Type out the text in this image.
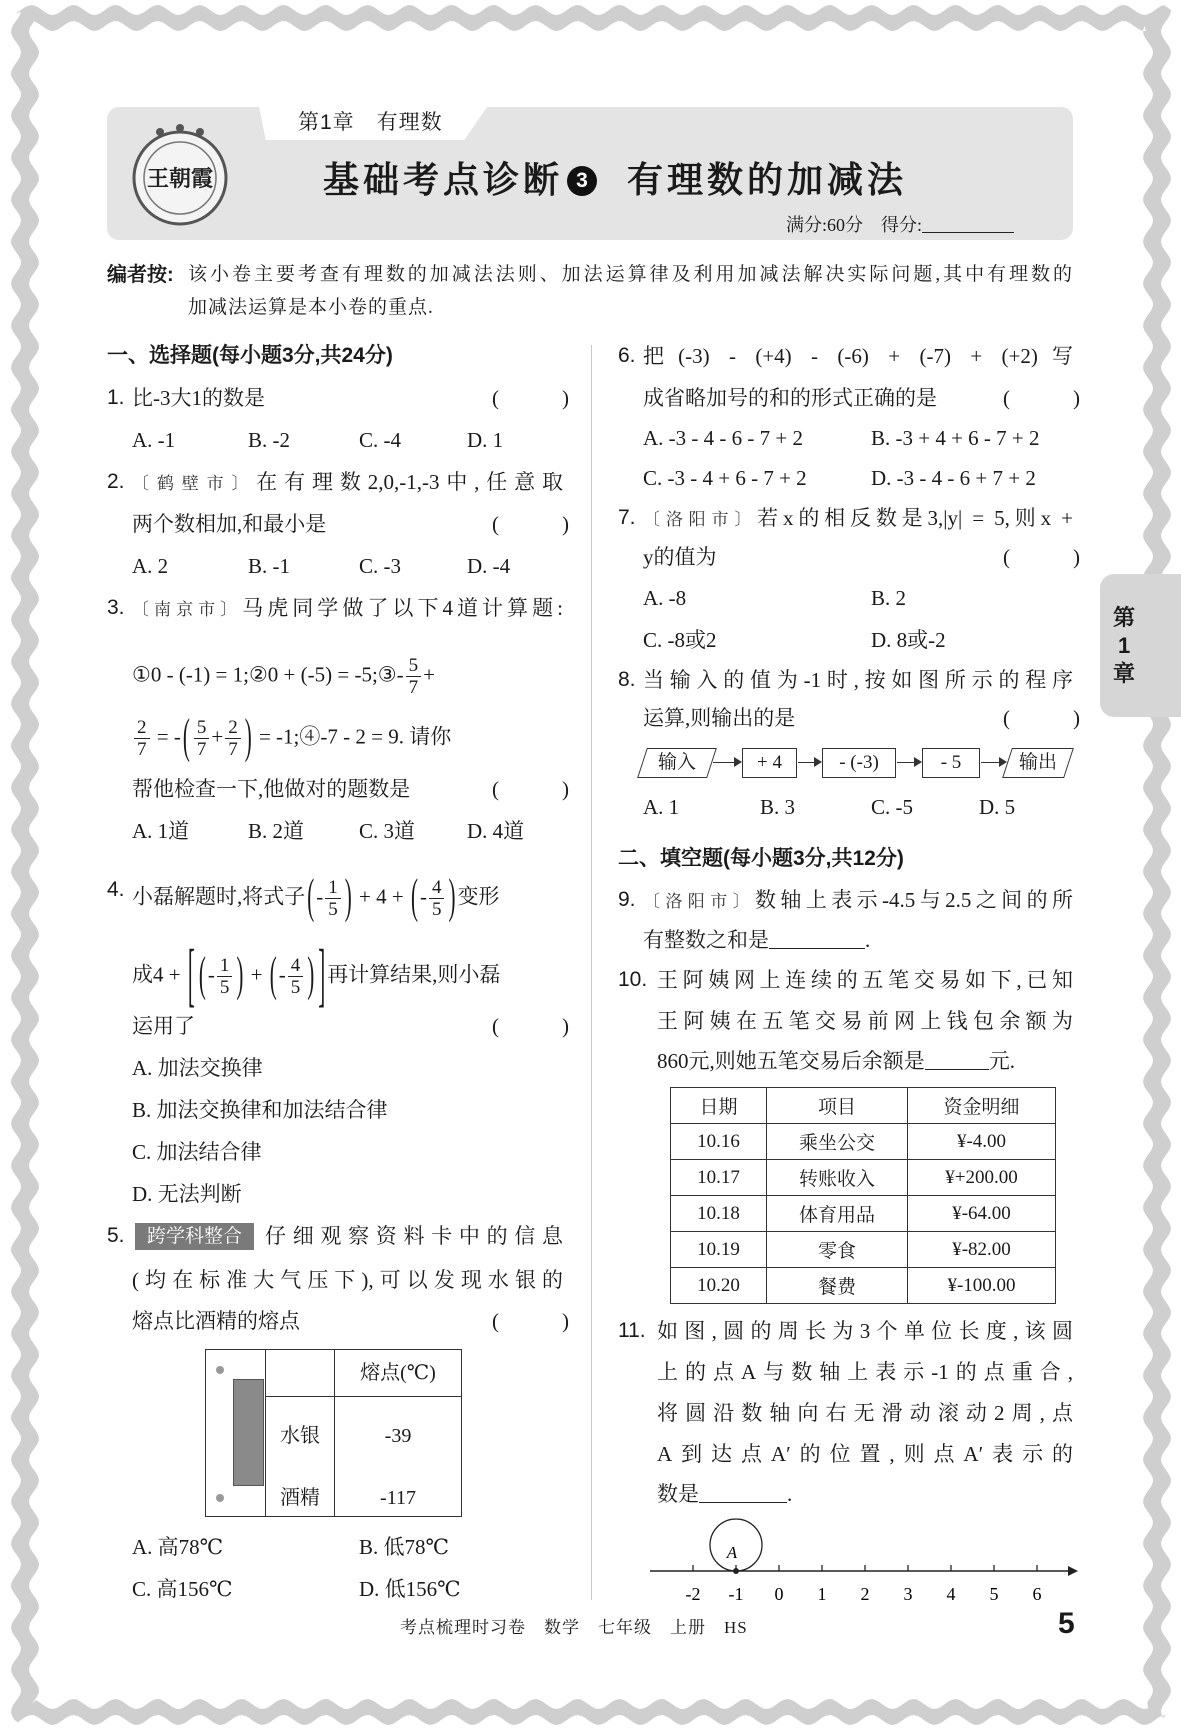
第1章　有理数
王朝霞	基础考点诊断 3 有理数的加减法
满分:60分　得分:
编者按: 该小卷主要考查有理数的加减法法则、加法运算律及利用加减法解决实际问题,其中有理数的
加减法运算是本小卷的重点.
一、选择题(每小题3分,共24分)
1. 比-3大1的数是	(　　　)
A. -1	B. -2	C. -4	D. 1
2. 〔鹤壁市〕在有理数2,0,-1,-3中,任意取
两个数相加,和最小是	(　　　)
A. 2	B. -1	C. -3	D. -4
3. 〔南京市〕马虎同学做了以下4道计算题:
①0 - (-1) = 1;②0 + (-5) = -5;③- $\frac{5}{7}$ +
$\frac{2}{7}$ = -( $\frac{5}{7} + \frac{2}{7}$ ) = -1;④-7 - 2 = 9. 请你
帮他检查一下,他做对的题数是	(　　　)
A. 1道	B. 2道	C. 3道 D. 4道
4. 小磊解题时,将式子(- $\frac{1}{5}$ ) + 4 + (- $\frac{4}{5}$ )变形
成4 + [ (- $\frac{1}{5}$ ) + (- $\frac{4}{5}$ ) ]再计算结果,则小磊
运用了	(　　　)
A. 加法交换律
B. 加法交换律和加法结合律
C. 加法结合律
D. 无法判断
5.	跨学科整合	仔细观察资料卡中的信息
(均在标准大气压下),可以发现水银的
熔点比酒精的熔点	(　　　)
熔点(℃)
水银	-39
酒精	-117
A. 高78℃	B. 低78℃
C. 高156℃	D. 低156℃
6. 把(-3) - (+4) - (-6) + (-7) + (+2)写
成省略加号的和的形式正确的是	(　　　)
A. -3 - 4 - 6 - 7 + 2	B. -3 + 4 + 6 - 7 + 2
C. -3 - 4 + 6 - 7 + 2	D. -3 - 4 - 6 + 7 + 2
7. 〔洛阳市〕若x的相反数是3,|y| = 5,则x +
y的值为	(　　　)
A. -8	B. 2
C. -8或2	D. 8或-2
8. 当输入的值为-1时,按如图所示的程序
运算,则输出的是	(　　　)
输入	+ 4	- (-3)	- 5	输出
A. 1	B. 3	C. -5	D. 5
二、填空题(每小题3分,共12分)
9. 〔洛阳市〕数轴上表示-4.5与2.5之间的所
有整数之和是	.
10. 王阿姨网上连续的五笔交易如下,已知
王阿姨在五笔交易前网上钱包余额为
860元,则她五笔交易后余额是	元.
日期	项目	资金明细
10.16	乘坐公交	¥-4.00
10.17	转账收入	¥+200.00
10.18	体育用品	¥-64.00
10.19	零食	¥-82.00
10.20	餐费	¥-100.00
11. 如图,圆的周长为3个单位长度,该圆
上的点A与数轴上表示-1的点重合,
将圆沿数轴向右无滑动滚动2周,点
A到达点A′的位置,则点A′表示的
数是	.
A
-2 -1 0 1 2 3 4 5 6
第
1
章
考点梳理时习卷　数学　七年级　上册　HS	5
